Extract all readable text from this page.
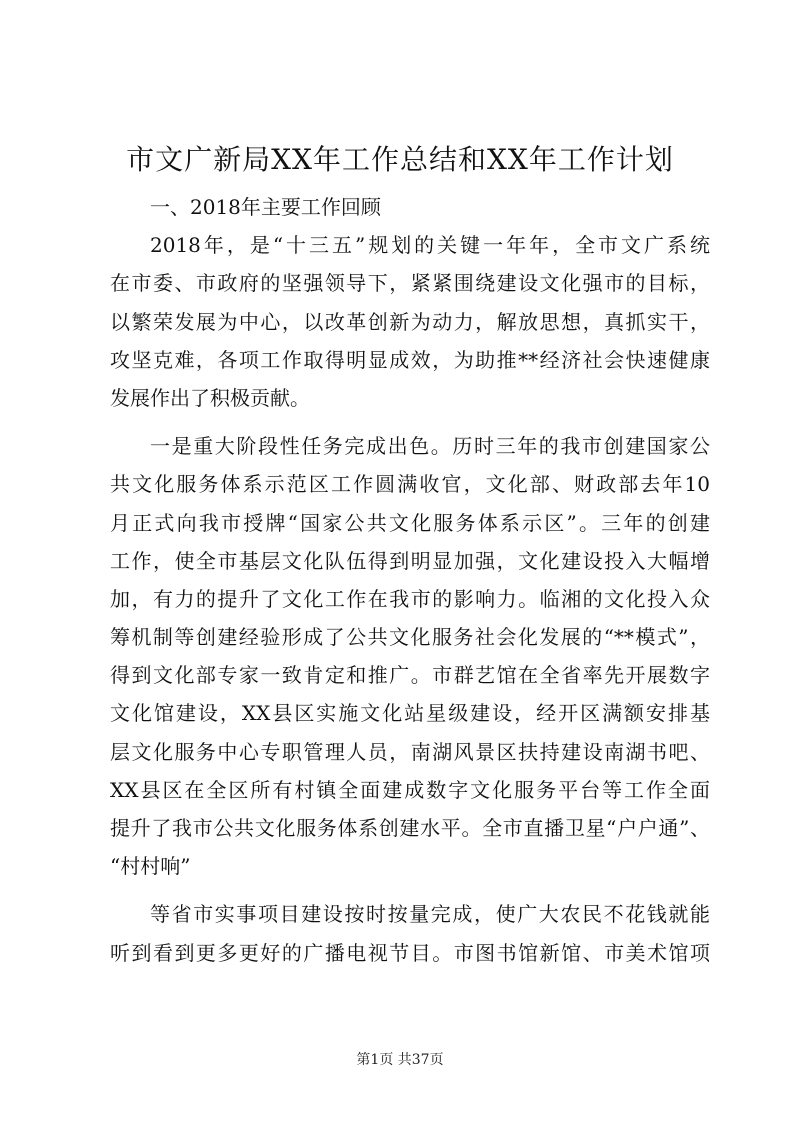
市文广新局XX年工作总结和XX年工作计划
一、2018年主要工作回顾
2018年，是“十三五”规划的关键一年年，全市文广系统
在市委、市政府的坚强领导下，紧紧围绕建设文化强市的目标，
以繁荣发展为中心，以改革创新为动力，解放思想，真抓实干，
攻坚克难，各项工作取得明显成效，为助推**经济社会快速健康
发展作出了积极贡献。
一是重大阶段性任务完成出色。历时三年的我市创建国家公
共文化服务体系示范区工作圆满收官，文化部、财政部去年10
月正式向我市授牌“国家公共文化服务体系示区”。三年的创建
工作，使全市基层文化队伍得到明显加强，文化建设投入大幅增
加，有力的提升了文化工作在我市的影响力。临湘的文化投入众
筹机制等创建经验形成了公共文化服务社会化发展的“**模式”，
得到文化部专家一致肯定和推广。市群艺馆在全省率先开展数字
文化馆建设，XX县区实施文化站星级建设，经开区满额安排基
层文化服务中心专职管理人员，南湖风景区扶持建设南湖书吧、
XX县区在全区所有村镇全面建成数字文化服务平台等工作全面
提升了我市公共文化服务体系创建水平。全市直播卫星“户户通”、
“村村响”
等省市实事项目建设按时按量完成，使广大农民不花钱就能
听到看到更多更好的广播电视节目。市图书馆新馆、市美术馆项
第1页 共37页
